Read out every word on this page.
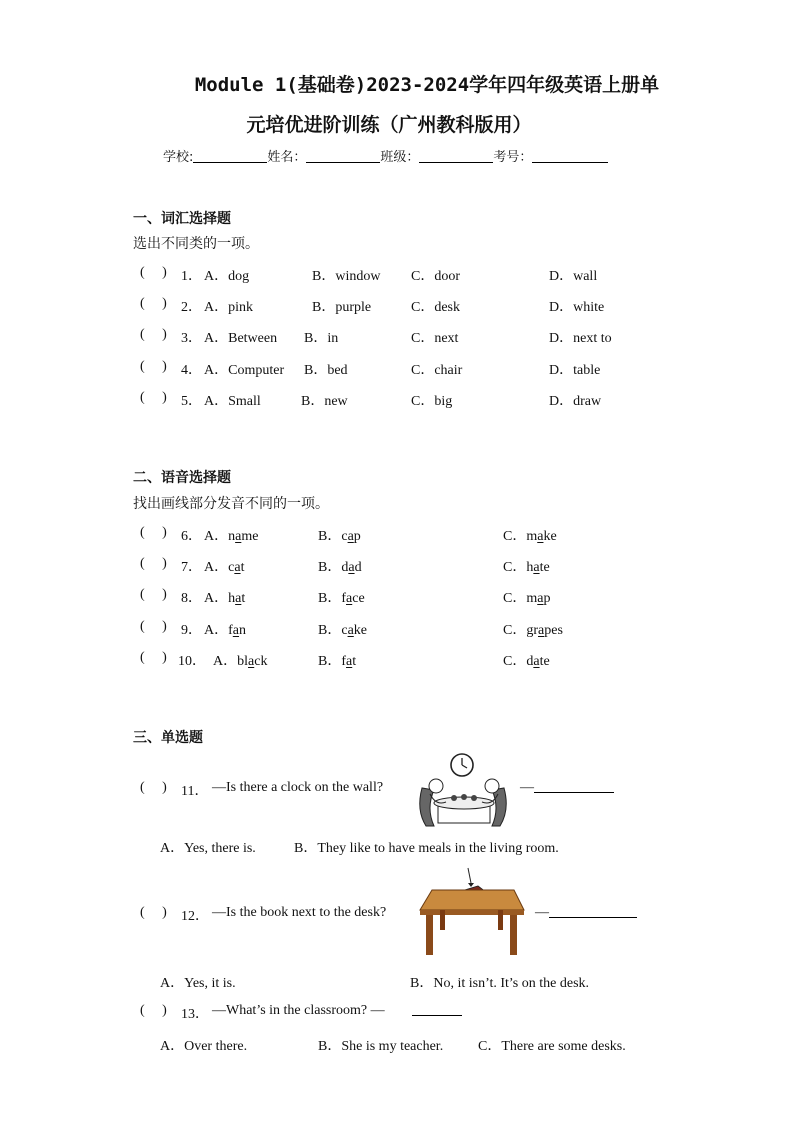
Module 1(基础卷)2023-2024学年四年级英语上册单
元培优进阶训练（广州教科版用）
学校:	姓名：	班级：	考号：
一、词汇选择题
选出不同类的一项。
(     ) 1． A．dog	B．window C．door	D．wall
(     ) 2． A．pink	B．purple	C．desk	D．white
(     ) 3． A．Between B．in	C．next	D．next to
(     ) 4． A．Computer B．bed	C．chair	D．table
(     ) 5． A．Small	B．new	C．big	D．draw
二、语音选择题
找出画线部分发音不同的一项。
(     ) 6． A．name	B．cap	C．make
(     ) 7． A．cat	B．dad	C．hate
(     ) 8． A．hat	B．face	C．map
(     ) 9． A．fan	B．cake	C．grapes
(     ) 10． A．black	B．fat	C．date
三、单选题
(     ) 11． —Is there a clock on the wall?	—
A．Yes, there is.	B．They like to have meals in the living room.
(     ) 12． —Is the book next to the desk?	—
A．Yes, it is.	B．No, it isn’t. It’s on the desk.
(     ) 13． —What’s in the classroom? —
A．Over there.	B．She is my teacher. C．There are some desks.
